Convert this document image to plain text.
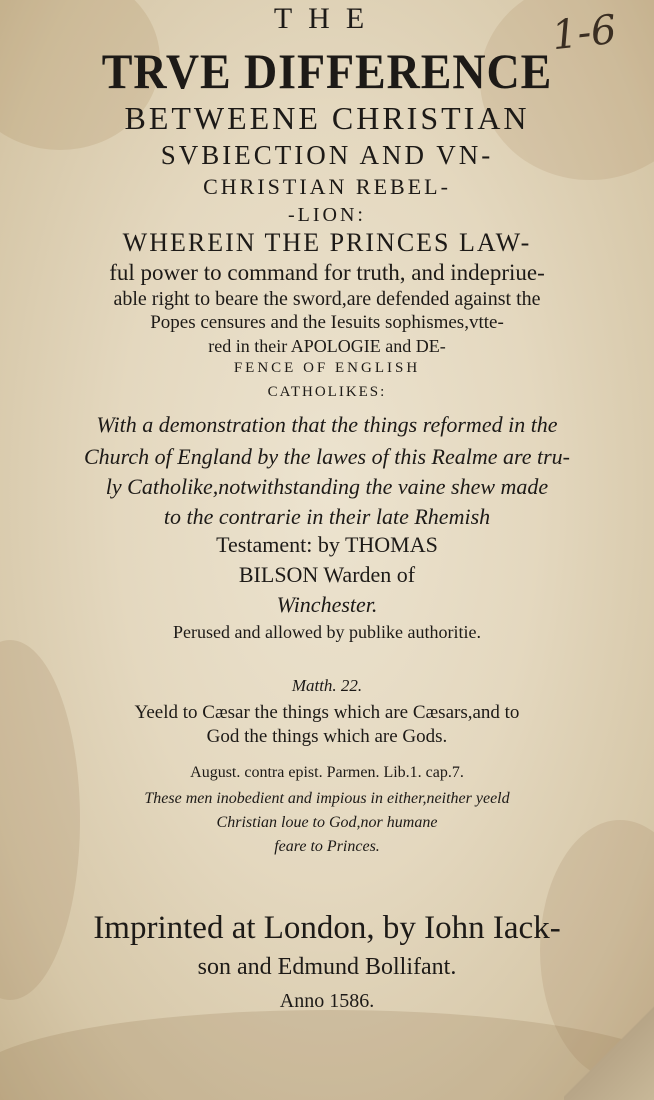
1-6
THE
TRVE DIFFERENCE
BETWEENE CHRISTIAN
SVBIECTION AND VN-
CHRISTIAN REBEL-
-LION:
WHEREIN THE PRINCES LAW-
ful power to command for truth, and indepriue-
able right to beare the sword,are defended against the
Popes censures and the Iesuits sophismes,vtte-
red in their APOLOGIE and DE-
FENCE OF ENGLISH
CATHOLIKES:
With a demonstration that the things reformed in the
Church of England by the lawes of this Realme are tru-
ly Catholike,notwithstanding the vaine shew made
to the contrarie in their late Rhemish
Testament: by THOMAS
BILSON Warden of
Winchester.
Perused and allowed by publike authoritie.
Matth. 22.
Yeeld to Cæsar the things which are Cæsars,and to
God the things which are Gods.
August. contra epist. Parmen. Lib.1. cap.7.
These men inobedient and impious in either,neither yeeld
Christian loue to God,nor humane
feare to Princes.
Imprinted at London, by Iohn Iack-
son and Edmund Bollifant.
Anno 1586.
